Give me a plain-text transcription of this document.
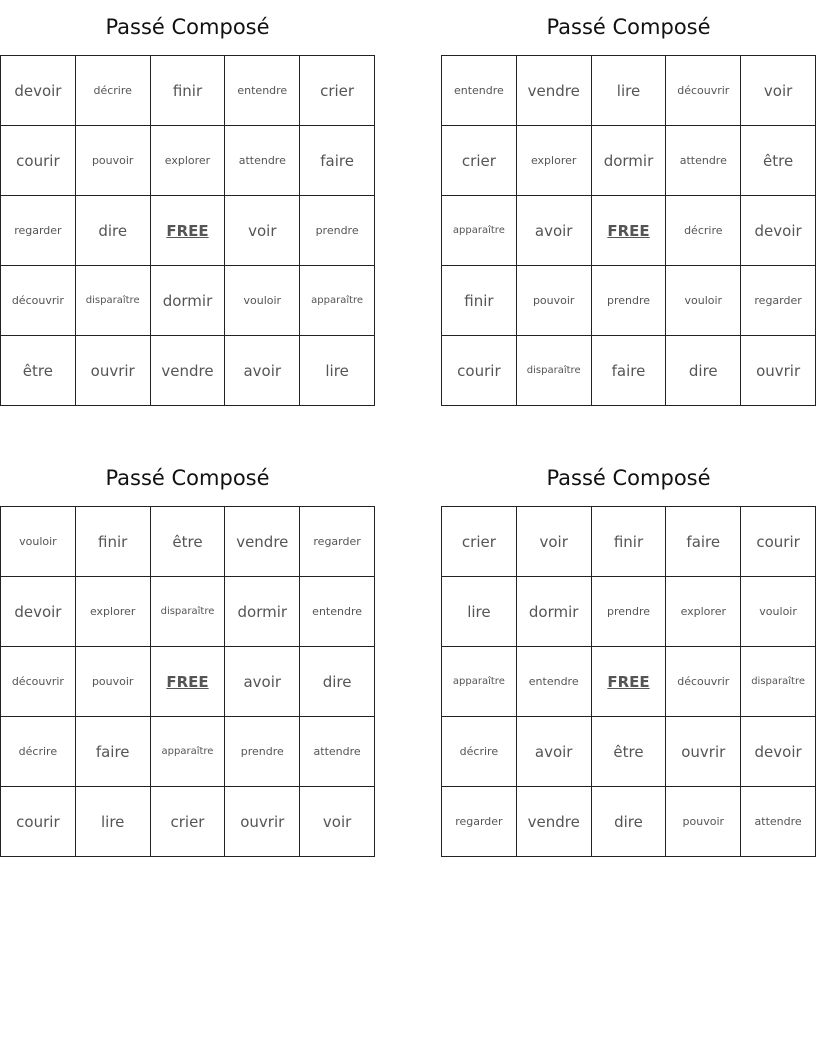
Passé Composé
devoir	décrire	finir	entendre	crier
courir	pouvoir	explorer	attendre	faire
regarder	dire	FREE	voir	prendre
découvrir	disparaître	dormir	vouloir	apparaître
être	ouvrir	vendre	avoir	lire
Passé Composé
entendre	vendre	lire	découvrir	voir
crier	explorer	dormir	attendre	être
apparaître	avoir	FREE	décrire	devoir
finir	pouvoir	prendre	vouloir	regarder
courir	disparaître	faire	dire	ouvrir
Passé Composé
vouloir	finir	être	vendre	regarder
devoir	explorer	disparaître	dormir	entendre
découvrir	pouvoir	FREE	avoir	dire
décrire	faire	apparaître	prendre	attendre
courir	lire	crier	ouvrir	voir
Passé Composé
crier	voir	finir	faire	courir
lire	dormir	prendre	explorer	vouloir
apparaître	entendre	FREE	découvrir	disparaître
décrire	avoir	être	ouvrir	devoir
regarder	vendre	dire	pouvoir	attendre
